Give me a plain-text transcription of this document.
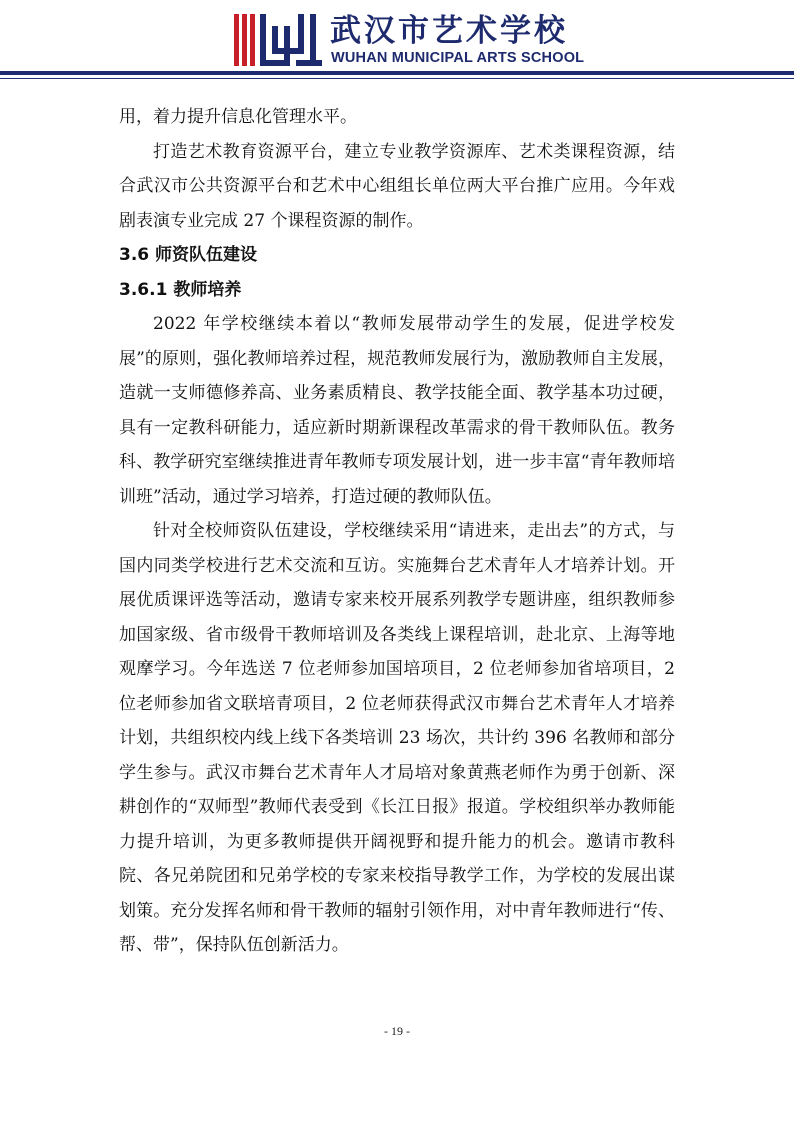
武汉市艺术学校
WUHAN MUNICIPAL ARTS SCHOOL

用，着力提升信息化管理水平。

打造艺术教育资源平台，建立专业教学资源库、艺术类课程资源，结合武汉市公共资源平台和艺术中心组组长单位两大平台推广应用。今年戏剧表演专业完成 27 个课程资源的制作。

3.6 师资队伍建设
3.6.1 教师培养

2022 年学校继续本着以“教师发展带动学生的发展，促进学校发展”的原则，强化教师培养过程，规范教师发展行为，激励教师自主发展，造就一支师德修养高、业务素质精良、教学技能全面、教学基本功过硬，具有一定教科研能力，适应新时期新课程改革需求的骨干教师队伍。教务科、教学研究室继续推进青年教师专项发展计划，进一步丰富“青年教师培训班”活动，通过学习培养，打造过硬的教师队伍。

针对全校师资队伍建设，学校继续采用“请进来，走出去”的方式，与国内同类学校进行艺术交流和互访。实施舞台艺术青年人才培养计划。开展优质课评选等活动，邀请专家来校开展系列教学专题讲座，组织教师参加国家级、省市级骨干教师培训及各类线上课程培训，赴北京、上海等地观摩学习。今年选送 7 位老师参加国培项目，2 位老师参加省培项目，2 位老师参加省文联培青项目，2 位老师获得武汉市舞台艺术青年人才培养计划，共组织校内线上线下各类培训 23 场次，共计约 396 名教师和部分学生参与。武汉市舞台艺术青年人才局培对象黄燕老师作为勇于创新、深耕创作的“双师型”教师代表受到《长江日报》报道。学校组织举办教师能力提升培训，为更多教师提供开阔视野和提升能力的机会。邀请市教科院、各兄弟院团和兄弟学校的专家来校指导教学工作，为学校的发展出谋划策。充分发挥名师和骨干教师的辐射引领作用，对中青年教师进行“传、帮、带”，保持队伍创新活力。

- 19 -
